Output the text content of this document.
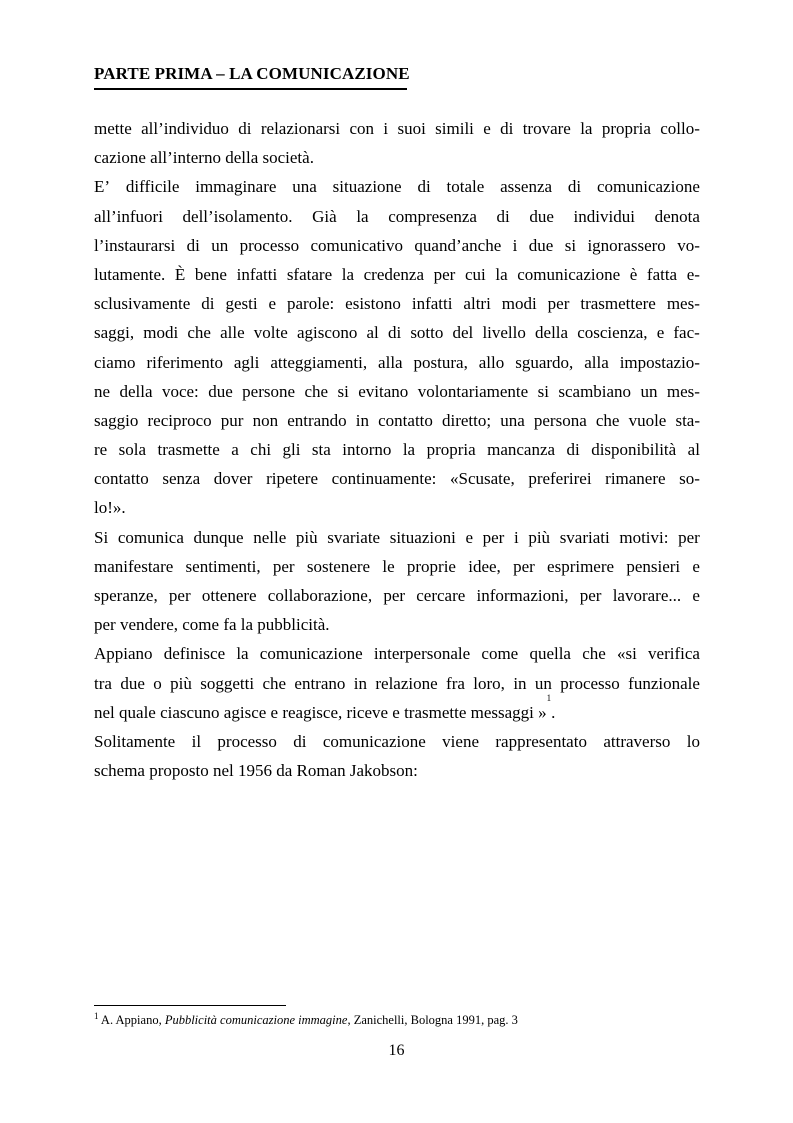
PARTE PRIMA – LA COMUNICAZIONE
mette all’individuo di relazionarsi con i suoi simili e di trovare la propria collo-
cazione all’interno della società.
E’ difficile immaginare una situazione di totale assenza di comunicazione
all’infuori dell’isolamento. Già la compresenza di due individui denota
l’instaurarsi di un processo comunicativo quand’anche i due si ignorassero vo-
lutamente. È bene infatti sfatare la credenza per cui la comunicazione è fatta e-
sclusivamente di gesti e parole: esistono infatti altri modi per trasmettere mes-
saggi, modi che alle volte agiscono al di sotto del livello della coscienza, e fac-
ciamo riferimento agli atteggiamenti, alla postura, allo sguardo, alla impostazio-
ne della voce: due persone che si evitano volontariamente si scambiano un mes-
saggio reciproco pur non entrando in contatto diretto; una persona che vuole sta-
re sola trasmette a chi gli sta intorno la propria mancanza di disponibilità al
contatto senza dover ripetere continuamente: «Scusate, preferirei rimanere so-
lo!».
Si comunica dunque nelle più svariate situazioni e per i più svariati motivi: per
manifestare sentimenti, per sostenere le proprie idee, per esprimere pensieri e
speranze, per ottenere collaborazione, per cercare informazioni, per lavorare... e
per vendere, come fa la pubblicità.
Appiano definisce la comunicazione interpersonale come quella che «si verifica
tra due o più soggetti che entrano in relazione fra loro, in un processo funzionale
nel quale ciascuno agisce e reagisce, riceve e trasmette messaggi »
1
.
Solitamente il processo di comunicazione viene rappresentato attraverso lo
schema proposto nel 1956 da Roman Jakobson:
$^1$ A. Appiano, Pubblicità comunicazione immagine, Zanichelli, Bologna 1991, pag. 3
16
